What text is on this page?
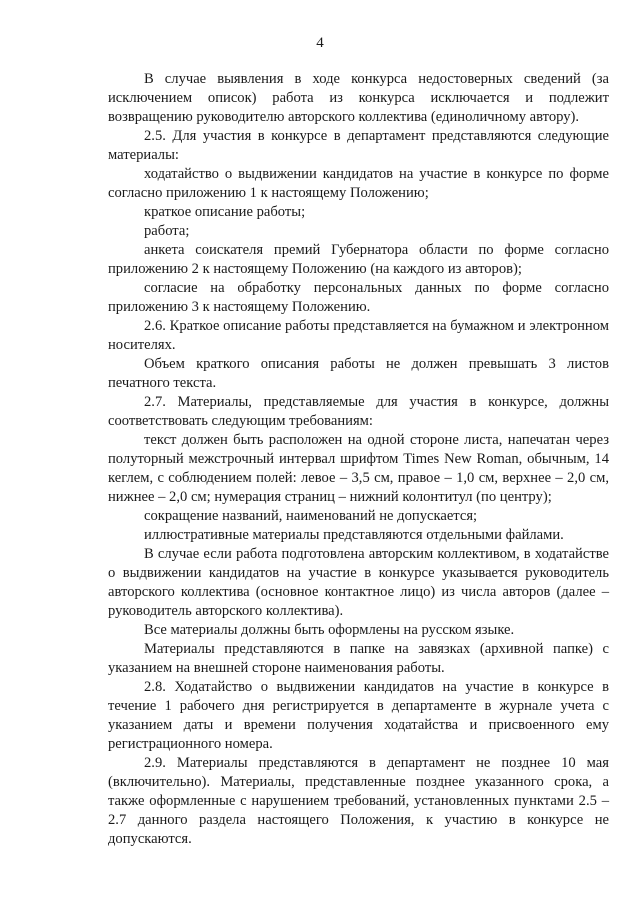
4

В случае выявления в ходе конкурса недостоверных сведений (за исключением описок) работа из конкурса исключается и подлежит возвращению руководителю авторского коллектива (единоличному автору).

2.5. Для участия в конкурсе в департамент представляются следующие материалы:

ходатайство о выдвижении кандидатов на участие в конкурсе по форме согласно приложению 1 к настоящему Положению;

краткое описание работы;

работа;

анкета соискателя премий Губернатора области по форме согласно приложению 2 к настоящему Положению (на каждого из авторов);

согласие на обработку персональных данных по форме согласно приложению 3 к настоящему Положению.

2.6. Краткое описание работы представляется на бумажном и электронном носителях.

Объем краткого описания работы не должен превышать 3 листов печатного текста.

2.7. Материалы, представляемые для участия в конкурсе, должны соответствовать следующим требованиям:

текст должен быть расположен на одной стороне листа, напечатан через полуторный межстрочный интервал шрифтом Times New Roman, обычным, 14 кеглем, с соблюдением полей: левое – 3,5 см, правое – 1,0 см, верхнее – 2,0 см, нижнее – 2,0 см; нумерация страниц – нижний колонтитул (по центру);

сокращение названий, наименований не допускается;

иллюстративные материалы представляются отдельными файлами.

В случае если работа подготовлена авторским коллективом, в ходатайстве о выдвижении кандидатов на участие в конкурсе указывается руководитель авторского коллектива (основное контактное лицо) из числа авторов (далее – руководитель авторского коллектива).

Все материалы должны быть оформлены на русском языке.

Материалы представляются в папке на завязках (архивной папке) с указанием на внешней стороне наименования работы.

2.8. Ходатайство о выдвижении кандидатов на участие в конкурсе в течение 1 рабочего дня регистрируется в департаменте в журнале учета с указанием даты и времени получения ходатайства и присвоенного ему регистрационного номера.

2.9. Материалы представляются в департамент не позднее 10 мая (включительно). Материалы, представленные позднее указанного срока, а также оформленные с нарушением требований, установленных пунктами 2.5 – 2.7 данного раздела настоящего Положения, к участию в конкурсе не допускаются.
